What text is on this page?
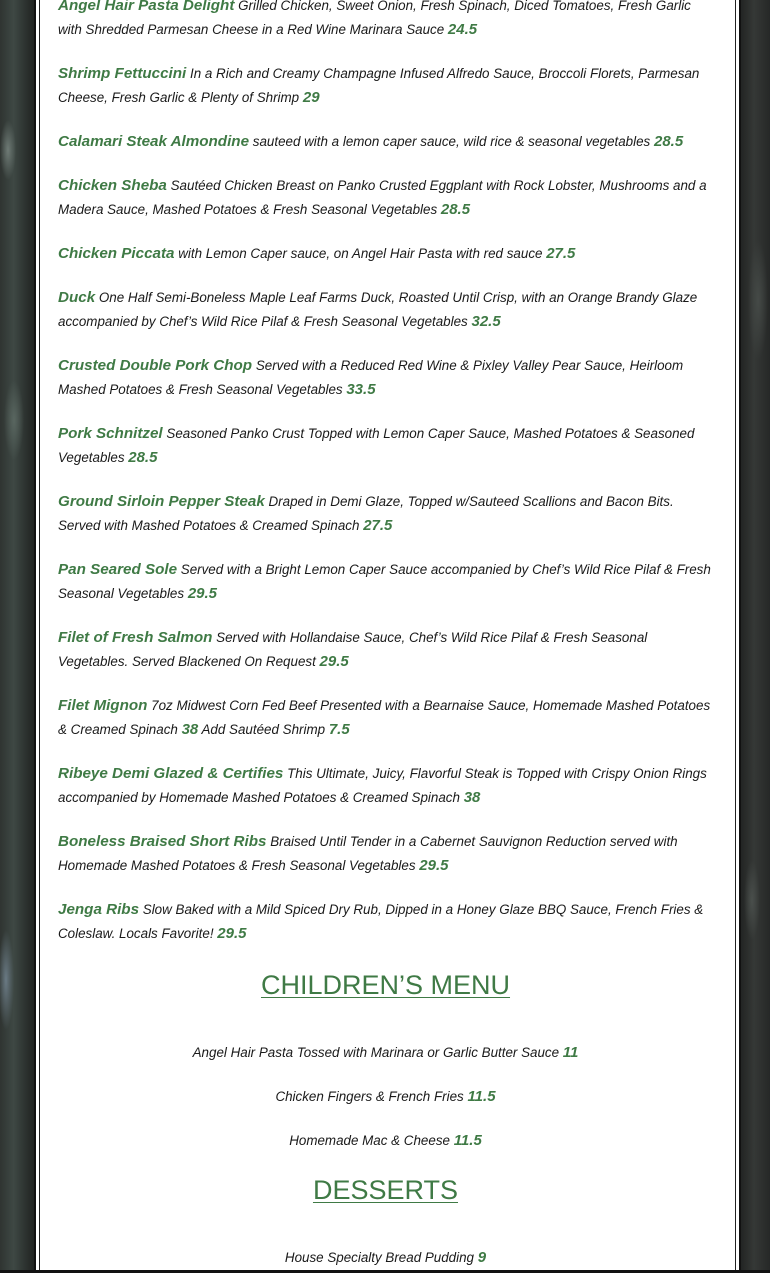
Angel Hair Pasta Delight Grilled Chicken, Sweet Onion, Fresh Spinach, Diced Tomatoes, Fresh Garlic with Shredded Parmesan Cheese in a Red Wine Marinara Sauce 24.5
Shrimp Fettuccini In a Rich and Creamy Champagne Infused Alfredo Sauce, Broccoli Florets, Parmesan Cheese, Fresh Garlic & Plenty of Shrimp 29
Calamari Steak Almondine sauteed with a lemon caper sauce, wild rice & seasonal vegetables 28.5
Chicken Sheba Sautéed Chicken Breast on Panko Crusted Eggplant with Rock Lobster, Mushrooms and a Madera Sauce, Mashed Potatoes & Fresh Seasonal Vegetables 28.5
Chicken Piccata with Lemon Caper sauce, on Angel Hair Pasta with red sauce 27.5
Duck One Half Semi-Boneless Maple Leaf Farms Duck, Roasted Until Crisp, with an Orange Brandy Glaze accompanied by Chef’s Wild Rice Pilaf & Fresh Seasonal Vegetables 32.5
Crusted Double Pork Chop Served with a Reduced Red Wine & Pixley Valley Pear Sauce, Heirloom Mashed Potatoes & Fresh Seasonal Vegetables 33.5
Pork Schnitzel Seasoned Panko Crust Topped with Lemon Caper Sauce, Mashed Potatoes & Seasoned Vegetables 28.5
Ground Sirloin Pepper Steak Draped in Demi Glaze, Topped w/Sauteed Scallions and Bacon Bits. Served with Mashed Potatoes & Creamed Spinach 27.5
Pan Seared Sole Served with a Bright Lemon Caper Sauce accompanied by Chef’s Wild Rice Pilaf & Fresh Seasonal Vegetables 29.5
Filet of Fresh Salmon Served with Hollandaise Sauce, Chef’s Wild Rice Pilaf & Fresh Seasonal Vegetables. Served Blackened On Request 29.5
Filet Mignon 7oz Midwest Corn Fed Beef Presented with a Bearnaise Sauce, Homemade Mashed Potatoes & Creamed Spinach 38 Add Sautéed Shrimp 7.5
Ribeye Demi Glazed & Certifies This Ultimate, Juicy, Flavorful Steak is Topped with Crispy Onion Rings accompanied by Homemade Mashed Potatoes & Creamed Spinach 38
Boneless Braised Short Ribs Braised Until Tender in a Cabernet Sauvignon Reduction served with Homemade Mashed Potatoes & Fresh Seasonal Vegetables 29.5
Jenga Ribs Slow Baked with a Mild Spiced Dry Rub, Dipped in a Honey Glaze BBQ Sauce, French Fries & Coleslaw. Locals Favorite! 29.5
CHILDREN’S MENU
Angel Hair Pasta Tossed with Marinara or Garlic Butter Sauce 11
Chicken Fingers & French Fries 11.5
Homemade Mac & Cheese 11.5
DESSERTS
House Specialty Bread Pudding 9
